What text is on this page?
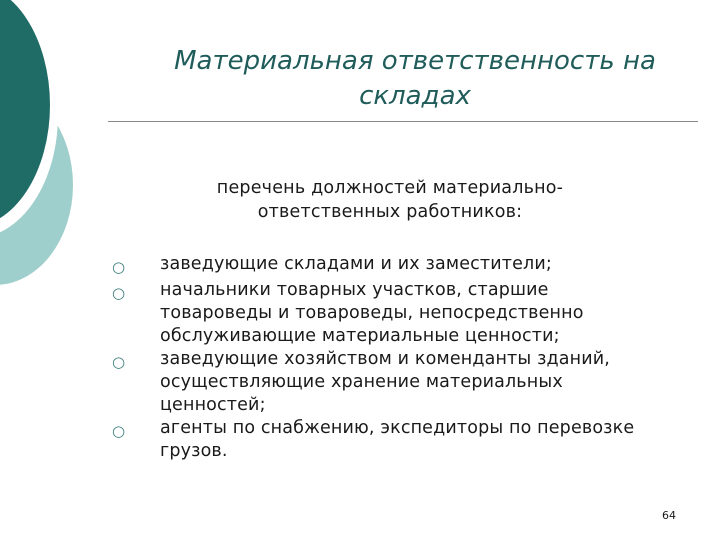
Материальная ответственность на складах
перечень должностей материально-
ответственных работников:
○	заведующие складами и их заместители;
○	начальники товарных участков, старшие товароведы и товароведы, непосредственно обслуживающие материальные ценности;
○	заведующие хозяйством и коменданты зданий, осуществляющие хранение материальных ценностей;
○	агенты по снабжению, экспедиторы по перевозке грузов.
64
